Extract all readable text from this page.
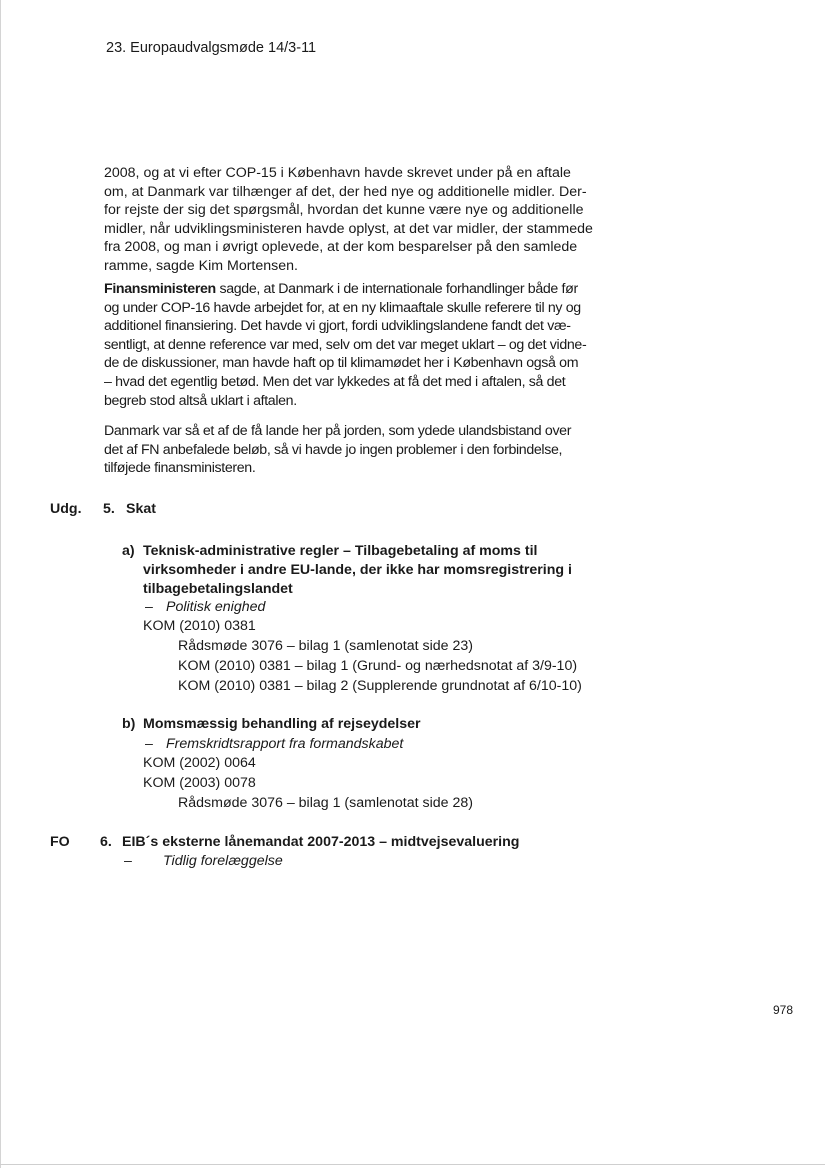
23. Europaudvalgsmøde 14/3-11
2008, og at vi efter COP-15 i København havde skrevet under på en aftale
om, at Danmark var tilhænger af det, der hed nye og additionelle midler. Der-
for rejste der sig det spørgsmål, hvordan det kunne være nye og additionelle
midler, når udviklingsministeren havde oplyst, at det var midler, der stammede
fra 2008, og man i øvrigt oplevede, at der kom besparelser på den samlede
ramme, sagde Kim Mortensen.
Finansministeren sagde, at Danmark i de internationale forhandlinger både før
og under COP-16 havde arbejdet for, at en ny klimaaftale skulle referere til ny og
additionel finansiering. Det havde vi gjort, fordi udviklingslandene fandt det væ-
sentligt, at denne reference var med, selv om det var meget uklart – og det vidne-
de de diskussioner, man havde haft op til klimamødet her i København også om
– hvad det egentlig betød. Men det var lykkedes at få det med i aftalen, så det
begreb stod altså uklart i aftalen.
Danmark var så et af de få lande her på jorden, som ydede ulandsbistand over
det af FN anbefalede beløb, så vi havde jo ingen problemer i den forbindelse,
tilføjede finansministeren.
Udg. 5. Skat
a) Teknisk-administrative regler – Tilbagebetaling af moms til
virksomheder i andre EU-lande, der ikke har momsregistrering i
tilbagebetalingslandet
– Politisk enighed
KOM (2010) 0381
Rådsmøde 3076 – bilag 1 (samlenotat side 23)
KOM (2010) 0381 – bilag 1 (Grund- og nærhedsnotat af 3/9-10)
KOM (2010) 0381 – bilag 2 (Supplerende grundnotat af 6/10-10)
b) Momsmæssig behandling af rejseydelser
– Fremskridtsrapport fra formandskabet
KOM (2002) 0064
KOM (2003) 0078
Rådsmøde 3076 – bilag 1 (samlenotat side 28)
FO 6. EIB´s eksterne lånemandat 2007-2013 – midtvejsevaluering
– Tidlig forelæggelse
978
